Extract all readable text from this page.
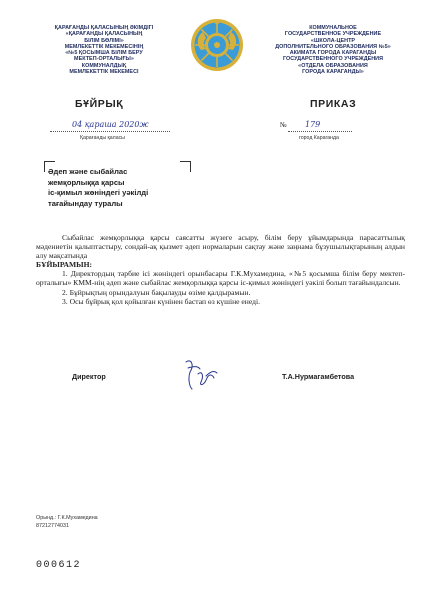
ҚАРАҒАНДЫ ҚАЛАСЫНЫҢ ӘКІМДІГІ
«ҚАРАҒАНДЫ ҚАЛАСЫНЫҢ
БІЛІМ БӨЛІМІ»
МЕМЛЕКЕТТІК МЕКЕМЕСІНІҢ
«№5 ҚОСЫМША БІЛІМ БЕРУ
МЕКТЕП-ОРТАЛЫҒЫ»
КОММУНАЛДЫҚ
МЕМЛЕКЕТТІК МЕКЕМЕСІ
КОММУНАЛЬНОЕ
ГОСУДАРСТВЕННОЕ УЧРЕЖДЕНИЕ
«ШКОЛА-ЦЕНТР
ДОПОЛНИТЕЛЬНОГО ОБРАЗОВАНИЯ №5»
АКИМАТА ГОРОДА КАРАГАНДЫ
ГОСУДАРСТВЕННОГО УЧРЕЖДЕНИЯ
«ОТДЕЛА ОБРАЗОВАНИЯ
ГОРОДА КАРАГАНДЫ»
БҰЙРЫҚ	ПРИКАЗ
04 қараша 2020ж
Қарағанды қаласы
№ 179
город Караганда
Әдеп және сыбайлас
жемқорлыққа қарсы
іс-қимыл жөніндегі уәкілді
тағайындау туралы

Сыбайлас жемқорлыққа қарсы саясатты жүзеге асыру, білім беру ұйымдарында парасаттылық мәдениетін қалыптастыру, сондай-ақ қызмет әдеп нормаларын сақтау және заңнама бұзушылықтарының алдын алу мақсатында

БҰЙЫРАМЫН:

1. Директордың тәрбие ісі жөніндегі орынбасары Г.К.Мухамедина, «№5 қосымша білім беру мектеп-орталығы» КММ-нің әдеп және сыбайлас жемқорлыққа қарсы іс-қимыл жөніндегі уәкілі болып тағайындалсын.

2. Бұйрықтың орындалуын бақылауды өзіме қалдырамын.

3. Осы бұйрық қол қойылған күнінен бастап өз күшіне енеді.

Директор	Т.А.Нурмагамбетова
Орынд.: Г.К.Мухамедина
87212774031
000612
